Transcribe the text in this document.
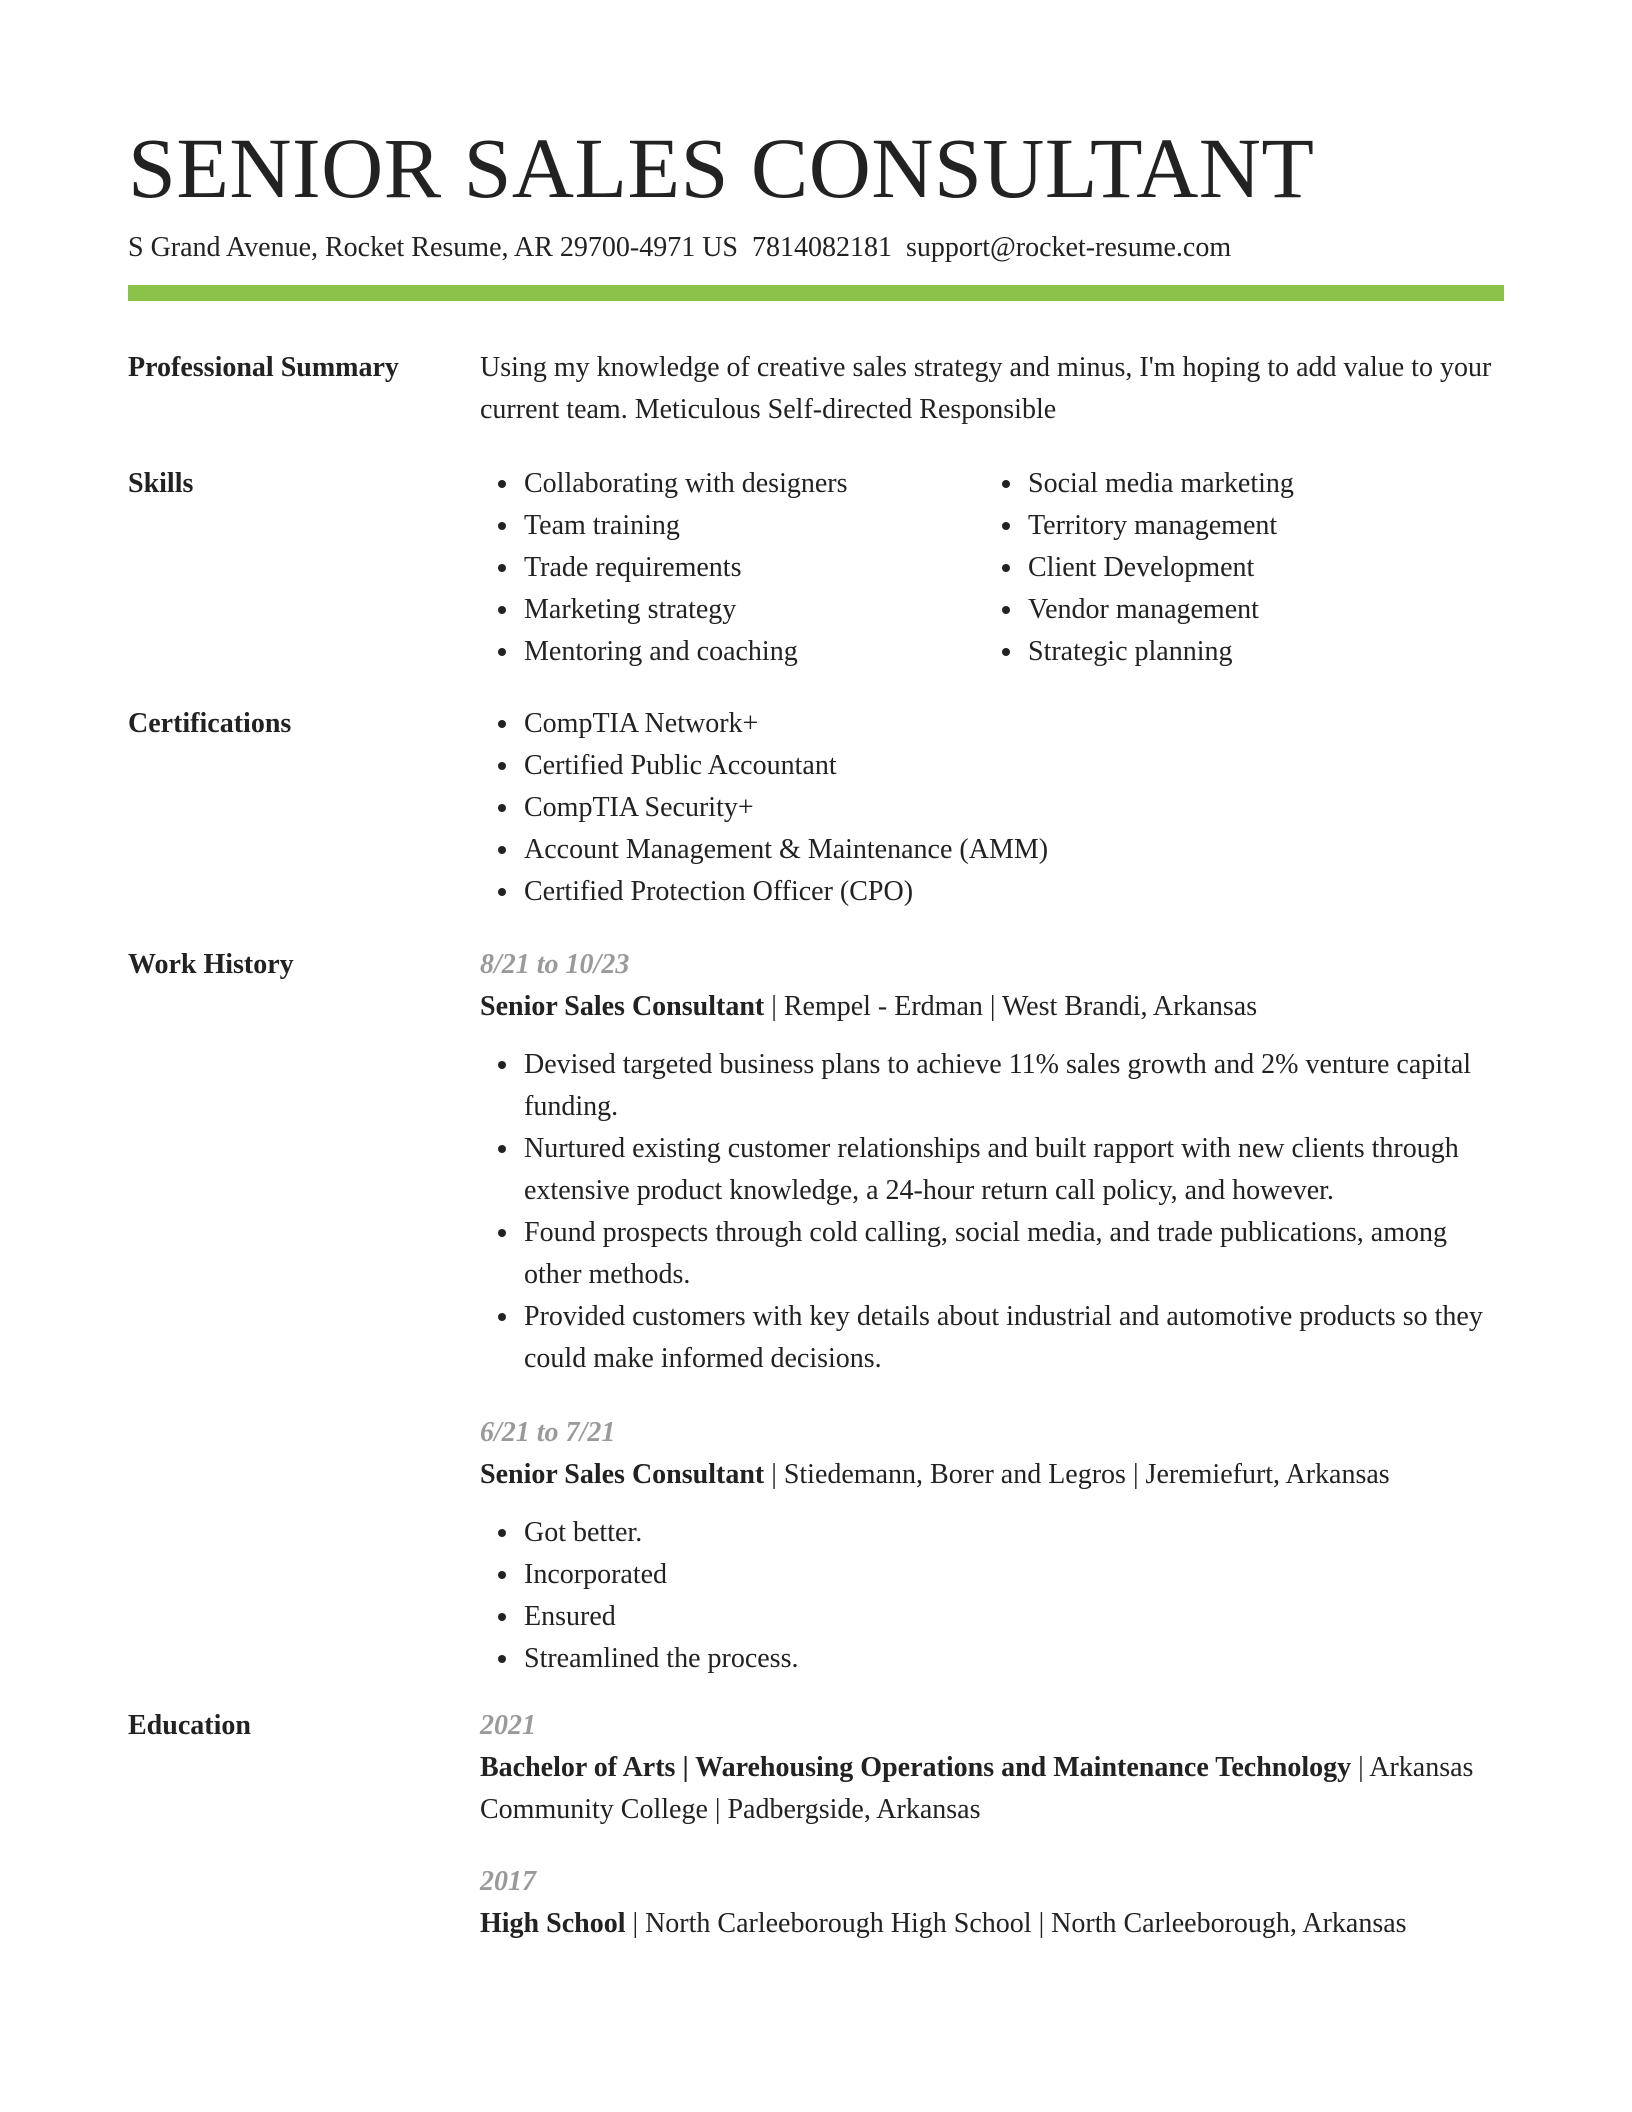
SENIOR SALES CONSULTANT
S Grand Avenue, Rocket Resume, AR 29700-4971 US 7814082181 support@rocket-resume.com
Professional Summary	Using my knowledge of creative sales strategy and minus, I'm hoping to add value to your current team. Meticulous Self-directed Responsible
Skills	Collaborating with designers
Team training
Trade requirements
Marketing strategy
Mentoring and coaching
Social media marketing
Territory management
Client Development
Vendor management
Strategic planning
Certifications	CompTIA Network+
Certified Public Accountant
CompTIA Security+
Account Management & Maintenance (AMM)
Certified Protection Officer (CPO)
Work History	8/21 to 10/23
Senior Sales Consultant | Rempel - Erdman | West Brandi, Arkansas
Devised targeted business plans to achieve 11% sales growth and 2% venture capital funding.
Nurtured existing customer relationships and built rapport with new clients through extensive product knowledge, a 24-hour return call policy, and however.
Found prospects through cold calling, social media, and trade publications, among other methods.
Provided customers with key details about industrial and automotive products so they could make informed decisions.
6/21 to 7/21
Senior Sales Consultant | Stiedemann, Borer and Legros | Jeremiefurt, Arkansas
Got better.
Incorporated
Ensured
Streamlined the process.
Education	2021
Bachelor of Arts | Warehousing Operations and Maintenance Technology | Arkansas Community College | Padbergside, Arkansas
2017
High School | North Carleeborough High School | North Carleeborough, Arkansas
